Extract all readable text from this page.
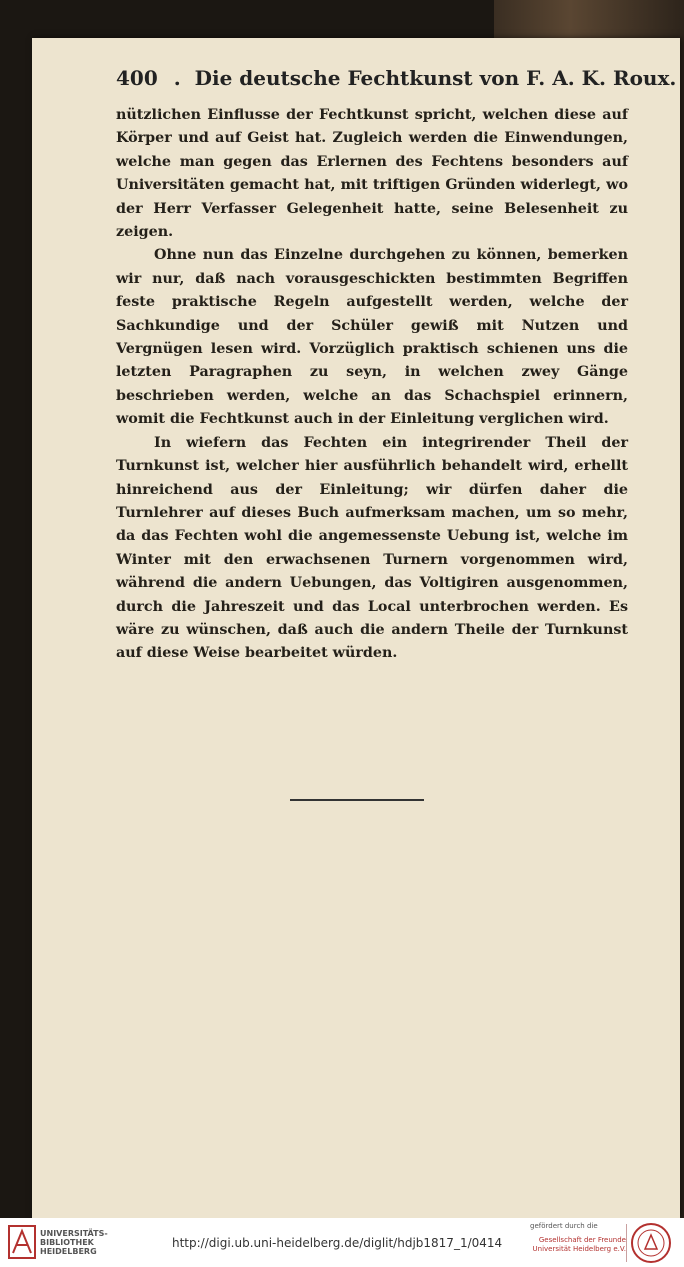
400 . Die deutsche Fechtkunst von F. A. K. Roux.

nützlichen Einflusse der Fechtkunst spricht, welchen diese auf Körper und auf Geist hat. Zugleich werden die Einwendungen, welche man gegen das Erlernen des Fechtens besonders auf Universitäten gemacht hat, mit triftigen Gründen widerlegt, wo der Herr Verfasser Gelegenheit hatte, seine Belesenheit zu zeigen.

Ohne nun das Einzelne durchgehen zu können, bemerken wir nur, daß nach vorausgeschickten bestimmten Begriffen feste praktische Regeln aufgestellt werden, welche der Sachkundige und der Schüler gewiß mit Nutzen und Vergnügen lesen wird. Vorzüglich praktisch schienen uns die letzten Paragraphen zu seyn, in welchen zwey Gänge beschrieben werden, welche an das Schachspiel erinnern, womit die Fechtkunst auch in der Einleitung verglichen wird.

In wiefern das Fechten ein integrirender Theil der Turnkunst ist, welcher hier ausführlich behandelt wird, erhellt hinreichend aus der Einleitung; wir dürfen daher die Turnlehrer auf dieses Buch aufmerksam machen, um so mehr, da das Fechten wohl die angemessenste Uebung ist, welche im Winter mit den erwachsenen Turnern vorgenommen wird, während die andern Uebungen, das Voltigiren ausgenommen, durch die Jahreszeit und das Local unterbrochen werden. Es wäre zu wünschen, daß auch die andern Theile der Turnkunst auf diese Weise bearbeitet würden.

UNIVERSITÄTS-
BIBLIOTHEK
HEIDELBERG
http://digi.ub.uni-heidelberg.de/diglit/hdjb1817_1/0414
gefördert durch die
Gesellschaft der Freunde
Universität Heidelberg e.V.
